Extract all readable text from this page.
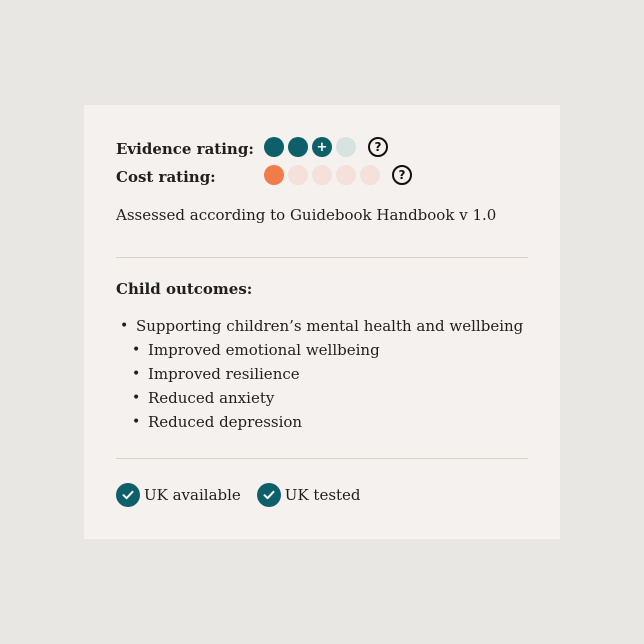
Evidence rating:	+	?
Cost rating:	?
Assessed according to Guidebook Handbook v 1.0
Child outcomes:
• Supporting children’s mental health and wellbeing
• Improved emotional wellbeing
• Improved resilience
• Reduced anxiety
• Reduced depression
UK available	UK tested
